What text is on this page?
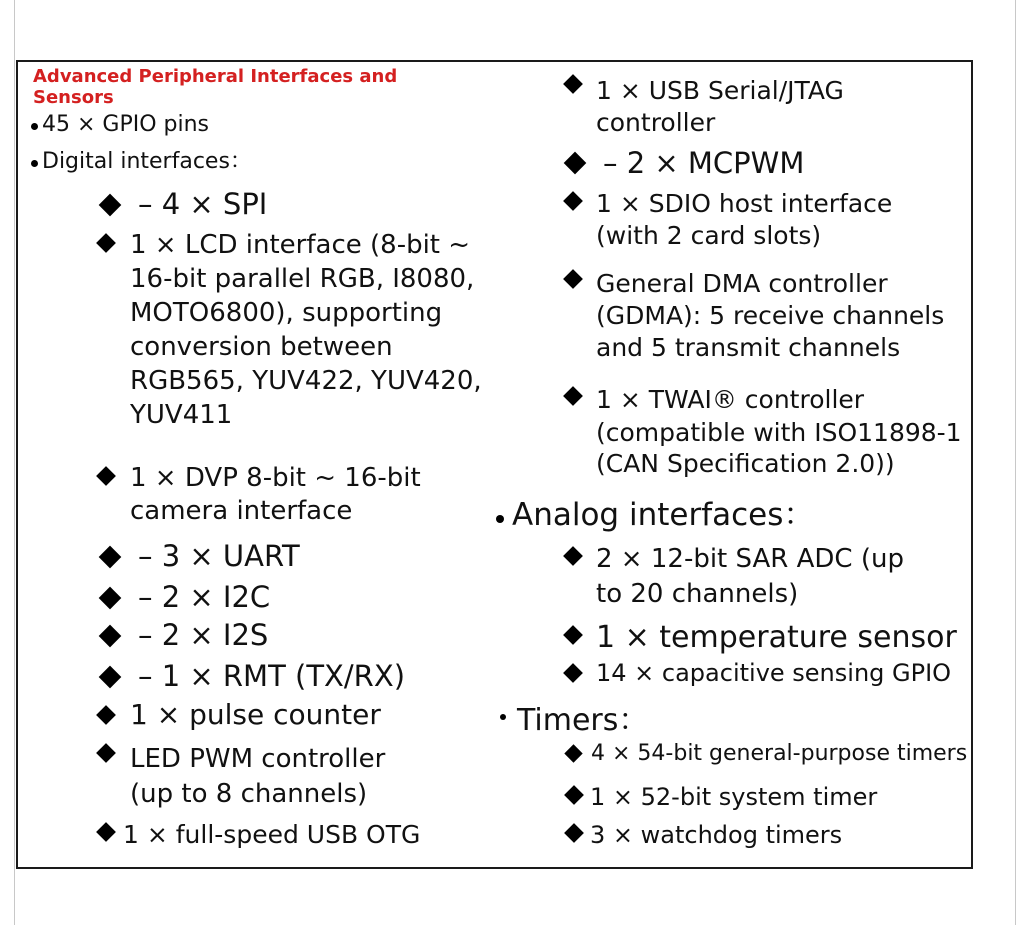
Advanced Peripheral Interfaces and Sensors
45 × GPIO pins
Digital interfaces：
– 4 × SPI
1 × LCD interface (8-bit ~
16-bit parallel RGB, I8080,
MOTO6800), supporting
conversion between
RGB565, YUV422, YUV420,
YUV411
1 × DVP 8-bit ~ 16-bit
camera interface
– 3 × UART
– 2 × I2C
– 2 × I2S
– 1 × RMT (TX/RX)
1 × pulse counter
LED PWM controller
(up to 8 channels)
1 × full-speed USB OTG
1 × USB Serial/JTAG
controller
– 2 × MCPWM
1 × SDIO host interface
(with 2 card slots)
General DMA controller
(GDMA): 5 receive channels
and 5 transmit channels
1 × TWAI® controller
(compatible with ISO11898-1
(CAN Specification 2.0))
Analog interfaces：
2 × 12-bit SAR ADC (up
to 20 channels)
1 × temperature sensor
14 × capacitive sensing GPIO
Timers：
4 × 54-bit general-purpose timers
1 × 52-bit system timer
3 × watchdog timers
